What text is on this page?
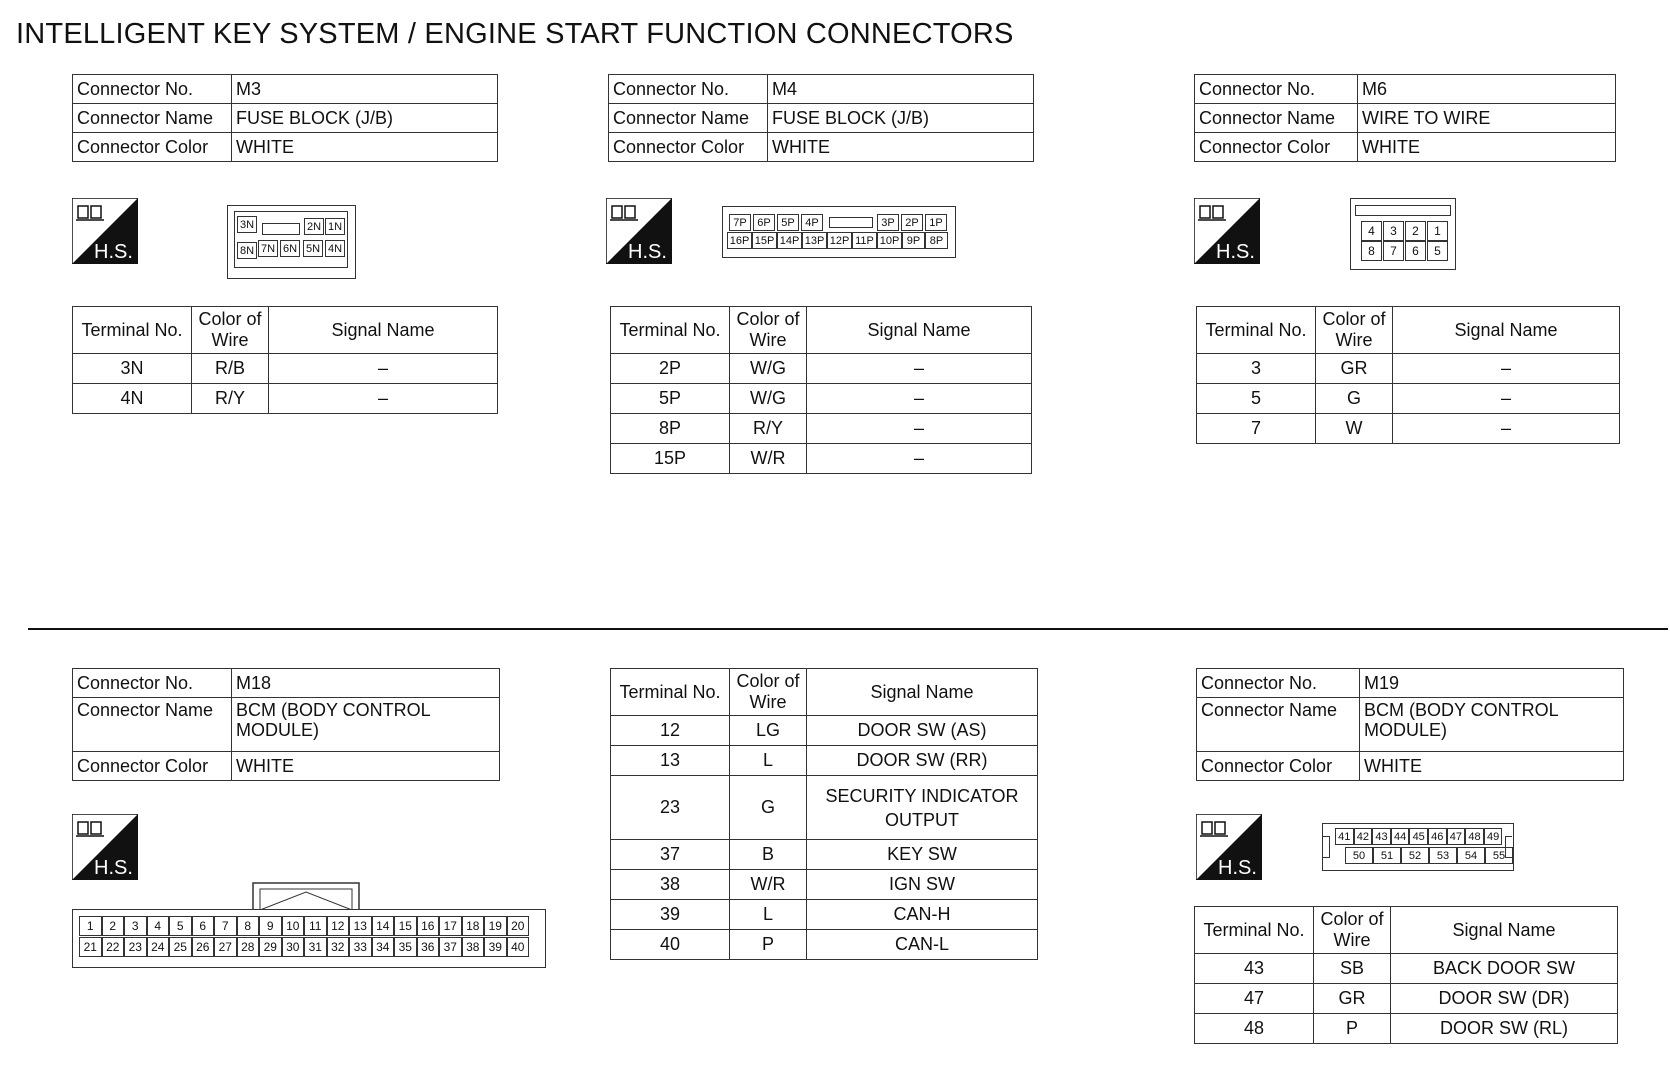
INTELLIGENT KEY SYSTEM / ENGINE START FUNCTION CONNECTORS
Connector No.	M3
Connector Name	FUSE BLOCK (J/B)
Connector Color	WHITE
H.S.
3N	2N 1N
8N 7N 6N 5N 4N
Terminal No.	Color of Wire	Signal Name
3N	R/B	–
4N	R/Y	–
Connector No.	M4
Connector Name	FUSE BLOCK (J/B)
Connector Color	WHITE
H.S.
7P 6P 5P 4P	3P 2P 1P
16P 15P 14P 13P 12P 11P 10P 9P 8P
Terminal No.	Color of Wire	Signal Name
2P	W/G	–
5P	W/G	–
8P	R/Y	–
15P	W/R	–
Connector No.	M6
Connector Name	WIRE TO WIRE
Connector Color	WHITE
H.S.
4	3	2	1
8	7	6	5
Terminal No.	Color of Wire	Signal Name
3	GR	–
5	G	–
7	W	–
Connector No.	M18
Connector Name	BCM (BODY CONTROL MODULE)
Connector Color	WHITE
H.S.
1	2	3	4	5	6	7	8	9	10 11 12 13 14 15 16 17 18 19 20
21 22 23 24 25 26 27 28 29 30 31 32 33 34 35 36 37 38 39 40
Terminal No.	Color of Wire	Signal Name
12	LG	DOOR SW (AS)
13	L	DOOR SW (RR)
23	G	SECURITY INDICATOR OUTPUT
37	B	KEY SW
38	W/R	IGN SW
39	L	CAN-H
40	P	CAN-L
Connector No.	M19
Connector Name	BCM (BODY CONTROL MODULE)
Connector Color	WHITE
H.S.
41 42 43 44 45 46 47 48 49
50	51	52	53	54	55
Terminal No.	Color of Wire	Signal Name
43	SB	BACK DOOR SW
47	GR	DOOR SW (DR)
48	P	DOOR SW (RL)
